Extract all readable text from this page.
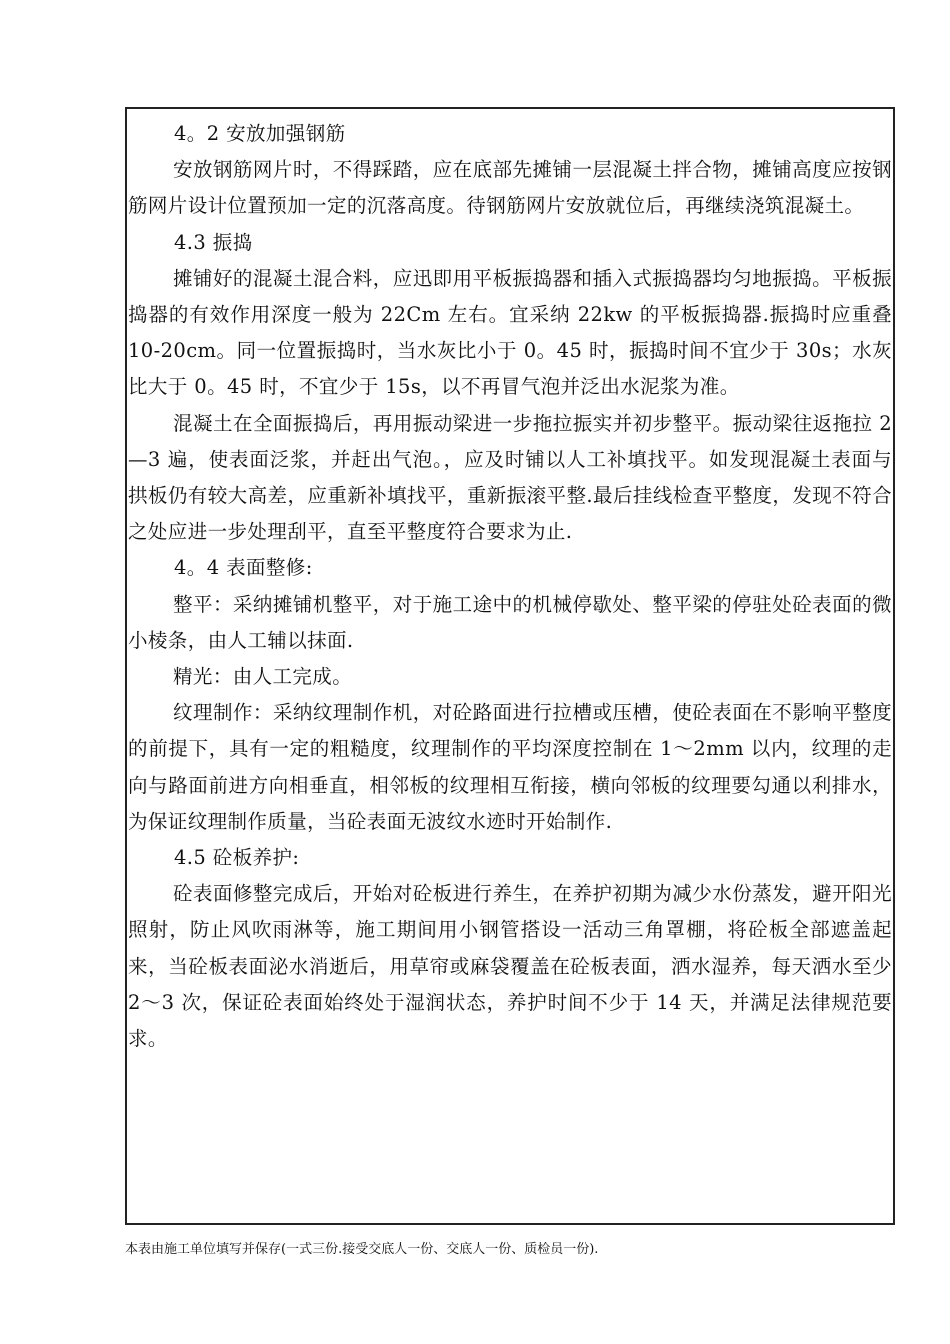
4。2 安放加强钢筋

安放钢筋网片时，不得踩踏，应在底部先摊铺一层混凝土拌合物，摊铺高度应按钢筋网片设计位置预加一定的沉落高度。待钢筋网片安放就位后，再继续浇筑混凝土。

4.3 振捣

摊铺好的混凝土混合料，应迅即用平板振捣器和插入式振捣器均匀地振捣。平板振捣器的有效作用深度一般为 22Cm 左右。宜采纳 22kw 的平板振捣器.振捣时应重叠 10-20cm。同一位置振捣时，当水灰比小于 0。45 时，振捣时间不宜少于 30s；水灰比大于 0。45 时，不宜少于 15s，以不再冒气泡并泛出水泥浆为准。

混凝土在全面振捣后，再用振动梁进一步拖拉振实并初步整平。振动梁往返拖拉 2—3 遍，使表面泛浆，并赶出气泡。，应及时铺以人工补填找平。如发现混凝土表面与拱板仍有较大高差，应重新补填找平，重新振滚平整.最后挂线检查平整度，发现不符合之处应进一步处理刮平，直至平整度符合要求为止.

4。4 表面整修:

整平：采纳摊铺机整平，对于施工途中的机械停歇处、整平梁的停驻处砼表面的微小棱条，由人工辅以抹面.

精光：由人工完成。

纹理制作：采纳纹理制作机，对砼路面进行拉槽或压槽，使砼表面在不影响平整度的前提下，具有一定的粗糙度，纹理制作的平均深度控制在 1～2mm 以内，纹理的走向与路面前进方向相垂直，相邻板的纹理相互衔接，横向邻板的纹理要勾通以利排水，为保证纹理制作质量，当砼表面无波纹水迹时开始制作.

4.5 砼板养护:

砼表面修整完成后，开始对砼板进行养生，在养护初期为减少水份蒸发，避开阳光照射，防止风吹雨淋等，施工期间用小钢管搭设一活动三角罩棚，将砼板全部遮盖起来，当砼板表面泌水消逝后，用草帘或麻袋覆盖在砼板表面，洒水湿养，每天洒水至少 2～3 次，保证砼表面始终处于湿润状态，养护时间不少于 14 天，并满足法律规范要求。

本表由施工单位填写并保存(一式三份.接受交底人一份、交底人一份、质检员一份).
